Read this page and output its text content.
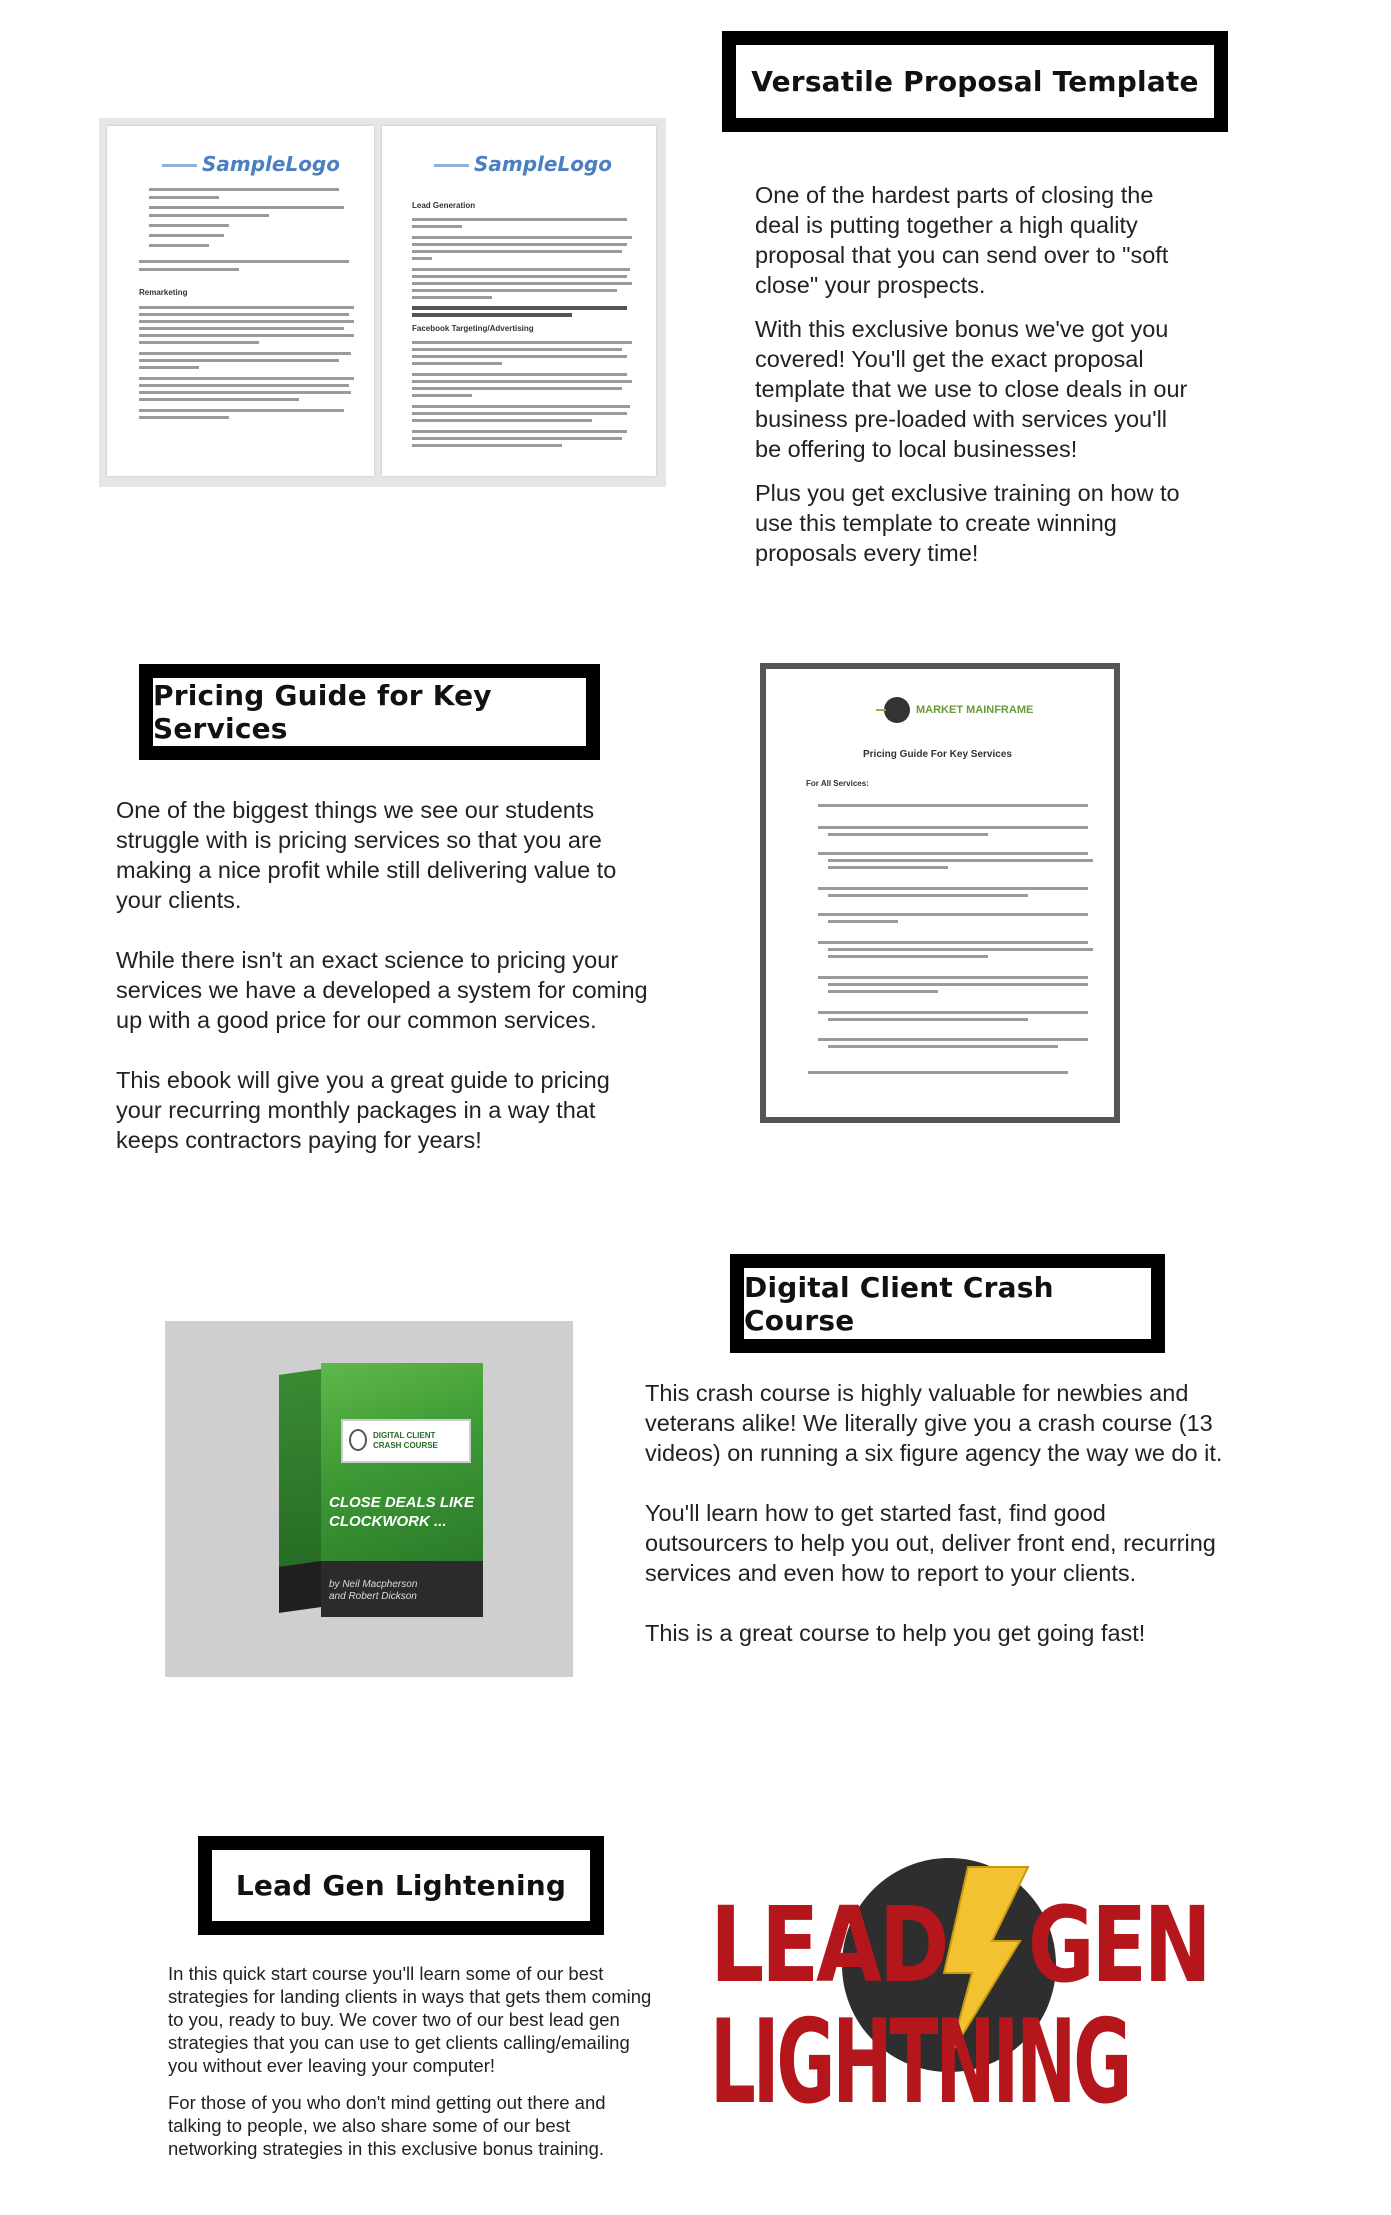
Versatile Proposal Template
SampleLogo
Remarketing
SampleLogo
Lead Generation
Facebook Targeting/Advertising

One of the hardest parts of closing the deal is putting together a high quality proposal that you can send over to "soft close" your prospects.

With this exclusive bonus we've got you covered! You'll get the exact proposal template that we use to close deals in our business pre-loaded with services you'll be offering to local businesses!

Plus you get exclusive training on how to use this template to create winning proposals every time!

Pricing Guide for Key Services

One of the biggest things we see our students struggle with is pricing services so that you are making a nice profit while still delivering value to your clients.

While there isn't an exact science to pricing your services we have a developed a system for coming up with a good price for our common services.

This ebook will give you a great guide to pricing your recurring monthly packages in a way that keeps contractors paying for years!

MARKET MAINFRAME
Pricing Guide For Key Services
For All Services:
Digital Client Crash Course
DIGITAL CLIENT CRASH COURSE
CLOSE DEALS LIKE CLOCKWORK ...
by Neil Macpherson and Robert Dickson

This crash course is highly valuable for newbies and veterans alike! We literally give you a crash course (13 videos) on running a six figure agency the way we do it.

You'll learn how to get started fast, find good outsourcers to help you out, deliver front end, recurring services and even how to report to your clients.

This is a great course to help you get going fast!

Lead Gen Lightening

In this quick start course you'll learn some of our best strategies for landing clients in ways that gets them coming to you, ready to buy. We cover two of our best lead gen strategies that you can use to get clients calling/emailing you without ever leaving your computer!

For those of you who don't mind getting out there and talking to people, we also share some of our best networking strategies in this exclusive bonus training.

LEAD GEN
LIGHTNING
